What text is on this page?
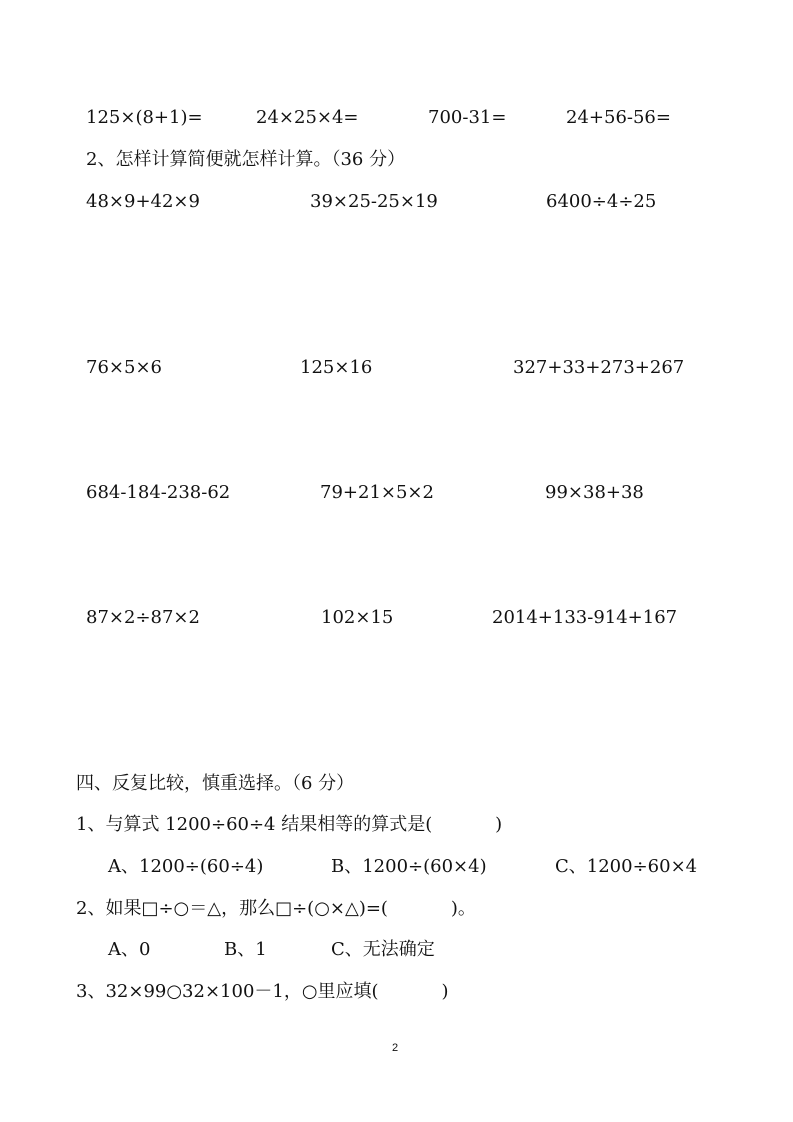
125×(8+1)=	24×25×4=	700-31=	24+56-56=
2、怎样计算简便就怎样计算。（36 分）
48×9+42×9	39×25-25×19	6400÷4÷25
76×5×6	125×16	327+33+273+267
684-184-238-62	79+21×5×2	99×38+38
87×2÷87×2	102×15	2014+133-914+167
四、反复比较，慎重选择。（6 分）
1、与算式 1200÷60÷4 结果相等的算式是(           )
A、1200÷(60÷4)	B、1200÷(60×4)	C、1200÷60×4
2、如果□÷○＝△，那么□÷(○×△)=(           )。
A、0	B、1	C、无法确定
3、32×99○32×100－1，○里应填(           )
2
